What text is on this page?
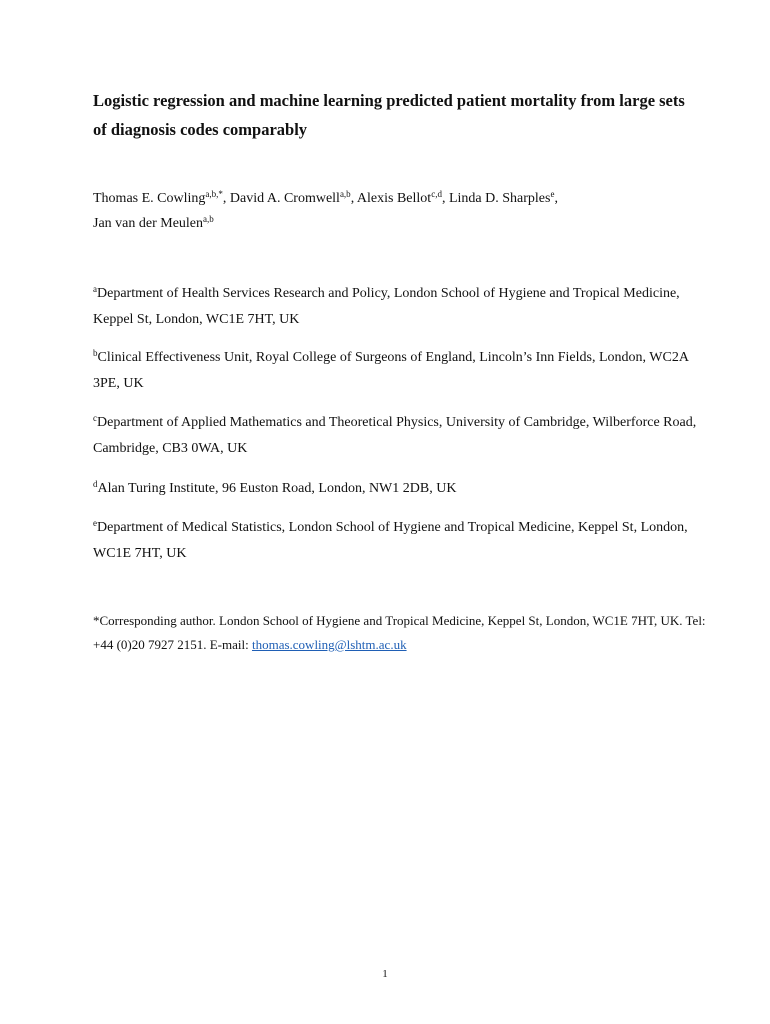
Logistic regression and machine learning predicted patient mortality from large sets of diagnosis codes comparably

Thomas E. Cowling$^{a,b,*}$, David A. Cromwell$^{a,b}$, Alexis Bellot$^{c,d}$, Linda D. Sharples$^e$,
Jan van der Meulen$^{a,b}$

$^a$Department of Health Services Research and Policy, London School of Hygiene and Tropical Medicine, Keppel St, London, WC1E 7HT, UK

$^b$Clinical Effectiveness Unit, Royal College of Surgeons of England, Lincoln’s Inn Fields, London, WC2A 3PE, UK

$^c$Department of Applied Mathematics and Theoretical Physics, University of Cambridge, Wilberforce Road, Cambridge, CB3 0WA, UK

$^d$Alan Turing Institute, 96 Euston Road, London, NW1 2DB, UK

$^e$Department of Medical Statistics, London School of Hygiene and Tropical Medicine, Keppel St, London, WC1E 7HT, UK

*Corresponding author. London School of Hygiene and Tropical Medicine, Keppel St, London, WC1E 7HT, UK. Tel: +44 (0)20 7927 2151. E-mail: thomas.cowling@lshtm.ac.uk

1
